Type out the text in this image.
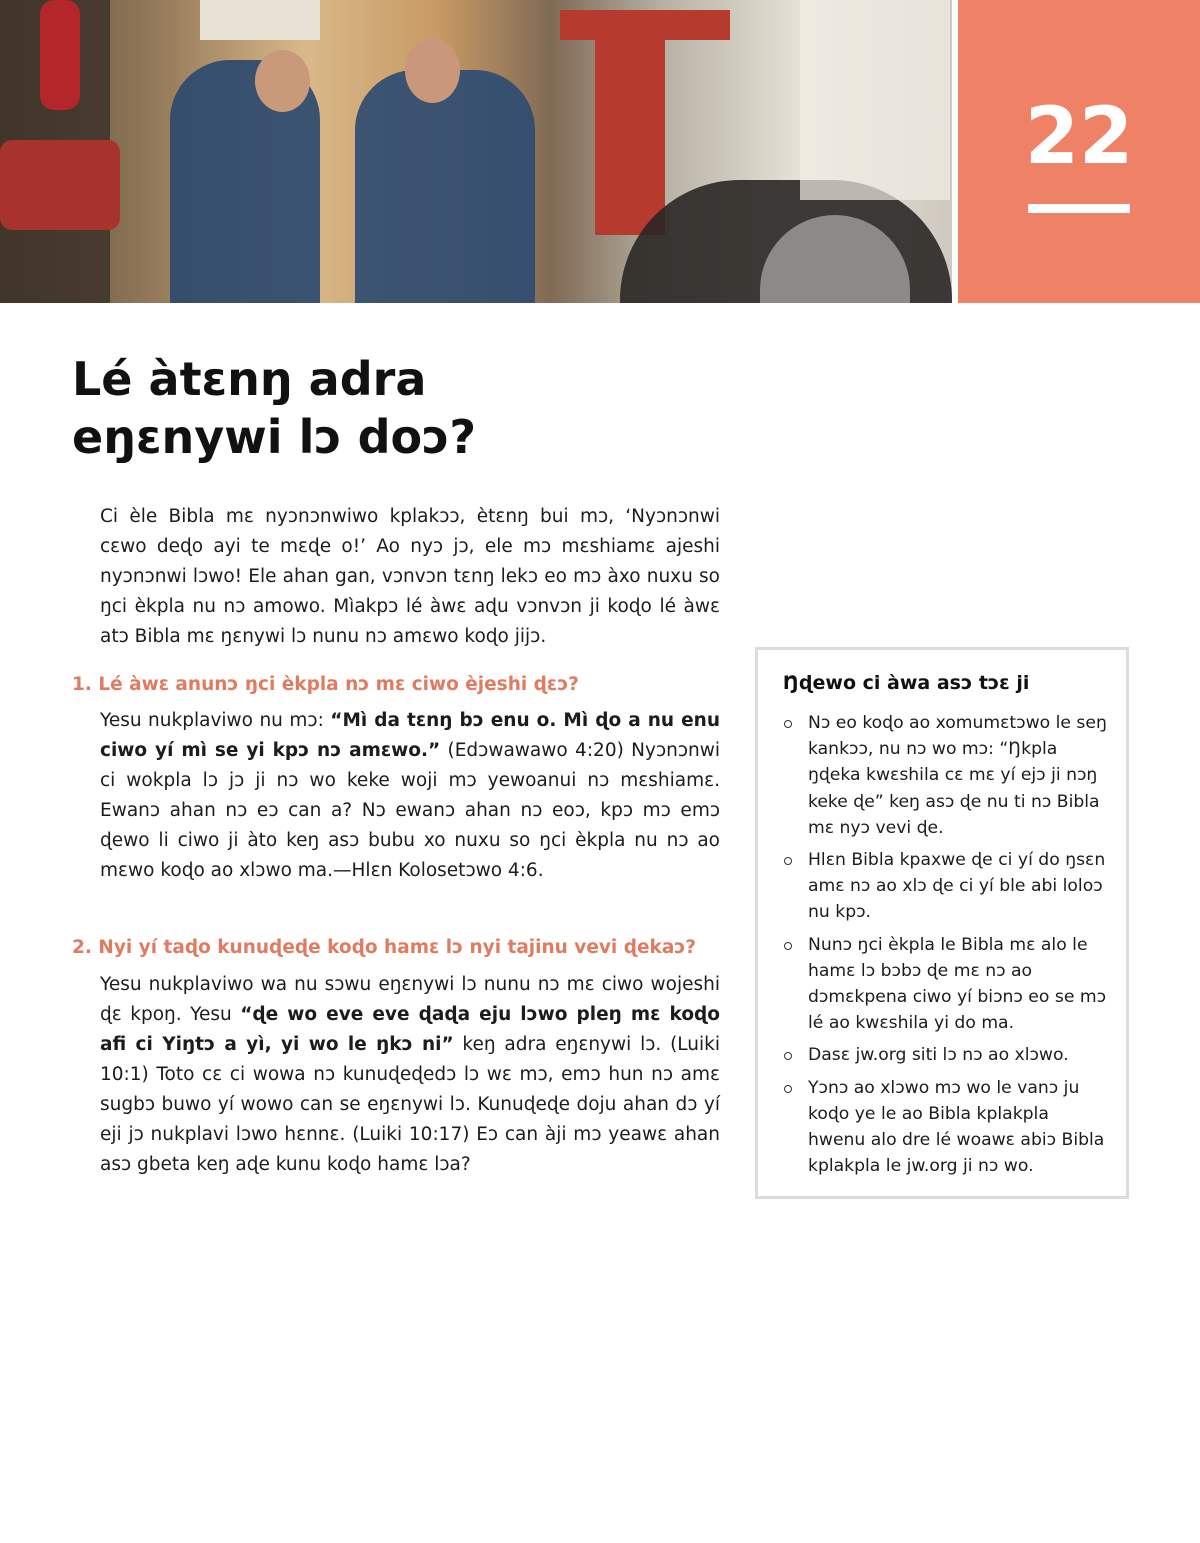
22
Lé àtɛnŋ adra
eŋɛnywi lɔ doɔ?

Ci èle Bibla mɛ nyɔnɔnwiwo kplakɔɔ, ètɛnŋ bui mɔ, ‘Nyɔnɔnwi cɛwo deɖo ayi te mɛɖe o!’ Ao nyɔ jɔ, ele mɔ mɛshiamɛ ajeshi nyɔnɔnwi lɔwo! Ele ahan gan, vɔnvɔn tɛnŋ lekɔ eo mɔ àxo nuxu so ŋci èkpla nu nɔ amowo. Mìakpɔ lé àwɛ aɖu vɔnvɔn ji koɖo lé àwɛ atɔ Bibla mɛ ŋɛnywi lɔ nunu nɔ amɛwo koɖo jijɔ.

1. Lé àwɛ anunɔ ŋci èkpla nɔ mɛ ciwo èjeshi ɖɛɔ?

Yesu nukplaviwo nu mɔ: “Mì da tɛnŋ bɔ enu o. Mì ɖo a nu enu ciwo yí mì se yi kpɔ nɔ amɛwo.” (Edɔwawawo 4:20) Nyɔnɔnwi ci wokpla lɔ jɔ ji nɔ wo keke woji mɔ yewoanui nɔ mɛshiamɛ. Ewanɔ ahan nɔ eɔ can a? Nɔ ewanɔ ahan nɔ eoɔ, kpɔ mɔ emɔ ɖewo li ciwo ji àto keŋ asɔ bubu xo nuxu so ŋci èkpla nu nɔ ao mɛwo koɖo ao xlɔwo ma.—Hlɛn Kolosetɔwo 4:6.

2. Nyi yí taɖo kunuɖeɖe koɖo hamɛ lɔ nyi tajinu vevi ɖekaɔ?

Yesu nukplaviwo wa nu sɔwu eŋɛnywi lɔ nunu nɔ mɛ ciwo wojeshi ɖɛ kpoŋ. Yesu “ɖe wo eve eve ɖaɖa eju lɔwo pleŋ mɛ koɖo afi ci Yiŋtɔ a yì, yi wo le ŋkɔ ni” keŋ adra eŋɛnywi lɔ. (Luiki 10:1) Toto cɛ ci wowa nɔ kunuɖeɖedɔ lɔ wɛ mɔ, emɔ hun nɔ amɛ sugbɔ buwo yí wowo can se eŋɛnywi lɔ. Kunuɖeɖe doju ahan dɔ yí eji jɔ nukplavi lɔwo hɛnnɛ. (Luiki 10:17) Eɔ can àji mɔ yeawɛ ahan asɔ gbeta keŋ aɖe kunu koɖo hamɛ lɔa?

Ŋɖewo ci àwa asɔ tɔɛ ji
Nɔ eo koɖo ao xomumɛtɔwo le seŋ kankɔɔ, nu nɔ wo mɔ: “Ŋkpla ŋɖeka kwɛshila cɛ mɛ yí ejɔ ji nɔŋ keke ɖe” keŋ asɔ ɖe nu ti nɔ Bibla mɛ nyɔ vevi ɖe.
Hlɛn Bibla kpaxwe ɖe ci yí do ŋsɛn amɛ nɔ ao xlɔ ɖe ci yí ble abi loloɔ nu kpɔ.
Nunɔ ŋci èkpla le Bibla mɛ alo le hamɛ lɔ bɔbɔ ɖe mɛ nɔ ao dɔmɛkpena ciwo yí biɔnɔ eo se mɔ lé ao kwɛshila yi do ma.
Dasɛ jw.org siti lɔ nɔ ao xlɔwo.
Yɔnɔ ao xlɔwo mɔ wo le vanɔ ju koɖo ye le ao Bibla kplakpla hwenu alo dre lé woawɛ abiɔ Bibla kplakpla le jw.org ji nɔ wo.
